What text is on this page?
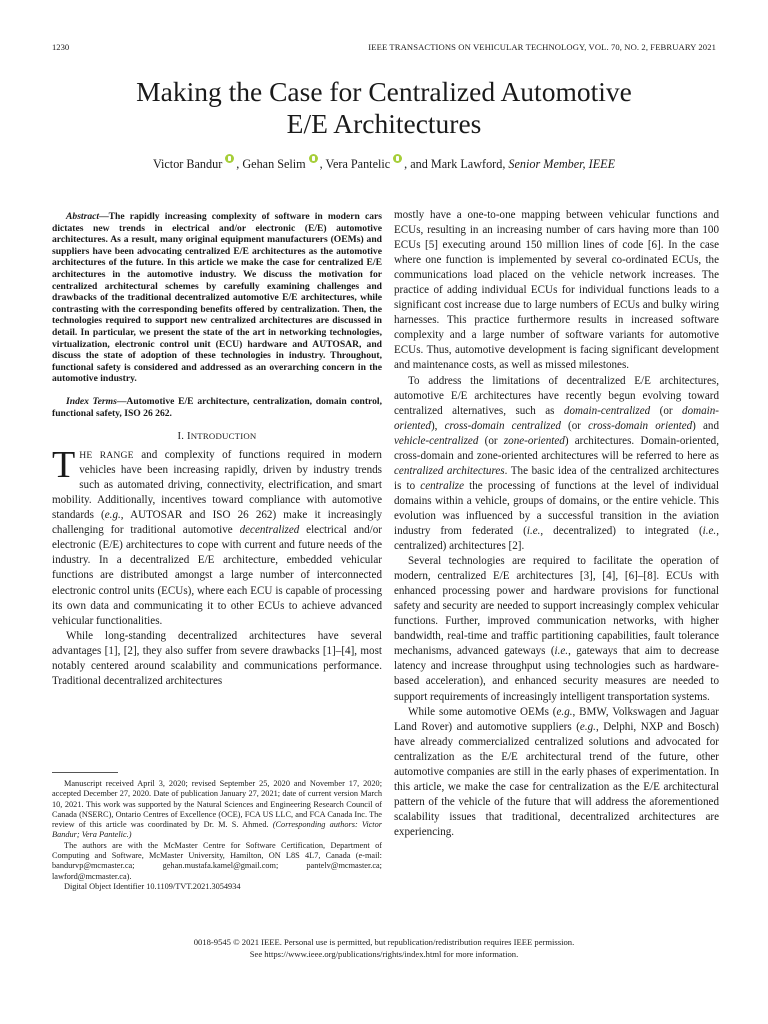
1230	IEEE TRANSACTIONS ON VEHICULAR TECHNOLOGY, VOL. 70, NO. 2, FEBRUARY 2021
Making the Case for Centralized Automotive
E/E Architectures
Victor Bandur , Gehan Selim , Vera Pantelic , and Mark Lawford, Senior Member, IEEE

Abstract—The rapidly increasing complexity of software in modern cars dictates new trends in electrical and/or electronic (E/E) automotive architectures. As a result, many original equipment manufacturers (OEMs) and suppliers have been advocating centralized E/E architectures as the automotive architectures of the future. In this article we make the case for centralized E/E architectures in the automotive industry. We discuss the motivation for centralized architectural schemes by carefully examining challenges and drawbacks of the traditional decentralized automotive E/E architectures, while contrasting with the corresponding benefits offered by centralization. Then, the technologies required to support new centralized architectures are discussed in detail. In particular, we present the state of the art in networking technologies, virtualization, electronic control unit (ECU) hardware and AUTOSAR, and discuss the state of adoption of these technologies in industry. Throughout, functional safety is considered and addressed as an overarching concern in the automotive industry.

Index Terms—Automotive E/E architecture, centralization, domain control, functional safety, ISO 26 262.

I. INTRODUCTION

T HE RANGE and complexity of functions required in modern vehicles have been increasing rapidly, driven by industry trends such as automated driving, connectivity, electrification, and smart mobility. Additionally, incentives toward compliance with automotive standards (e.g., AUTOSAR and ISO 26 262) make it increasingly challenging for traditional automotive decentralized electrical and/or electronic (E/E) architectures to cope with current and future needs of the industry. In a decentralized E/E architecture, embedded vehicular functions are distributed amongst a large number of interconnected electronic control units (ECUs), where each ECU is capable of processing its own data and communicating it to other ECUs to achieve advanced vehicular functionalities.

While long-standing decentralized architectures have several advantages [1], [2], they also suffer from severe drawbacks [1]–[4], most notably centered around scalability and communications performance. Traditional decentralized architectures

Manuscript received April 3, 2020; revised September 25, 2020 and November 17, 2020; accepted December 27, 2020. Date of publication January 27, 2021; date of current version March 10, 2021. This work was supported by the Natural Sciences and Engineering Research Council of Canada (NSERC), Ontario Centres of Excellence (OCE), FCA US LLC, and FCA Canada Inc. The review of this article was coordinated by Dr. M. S. Ahmed. (Corresponding authors: Victor Bandur; Vera Pantelic.)

The authors are with the McMaster Centre for Software Certification, Department of Computing and Software, McMaster University, Hamilton, ON L8S 4L7, Canada (e-mail: bandurvp@mcmaster.ca; gehan.mustafa.kamel@gmail.com; pantelv@mcmaster.ca; lawford@mcmaster.ca).

Digital Object Identifier 10.1109/TVT.2021.3054934

mostly have a one-to-one mapping between vehicular functions and ECUs, resulting in an increasing number of cars having more than 100 ECUs [5] executing around 150 million lines of code [6]. In the case where one function is implemented by several co-ordinated ECUs, the communications load placed on the vehicle network increases. The practice of adding individual ECUs for individual functions leads to a significant cost increase due to large numbers of ECUs and bulky wiring harnesses. This practice furthermore results in increased software complexity and a large number of software variants for automotive ECUs. Thus, automotive development is facing significant development and maintenance costs, as well as missed milestones.

To address the limitations of decentralized E/E architectures, automotive E/E architectures have recently begun evolving toward centralized alternatives, such as domain-centralized (or domain-oriented), cross-domain centralized (or cross-domain oriented) and vehicle-centralized (or zone-oriented) architectures. Domain-oriented, cross-domain and zone-oriented architectures will be referred to here as centralized architectures. The basic idea of the centralized architectures is to centralize the processing of functions at the level of individual domains within a vehicle, groups of domains, or the entire vehicle. This evolution was influenced by a successful transition in the aviation industry from federated (i.e., decentralized) to integrated (i.e., centralized) architectures [2].

Several technologies are required to facilitate the operation of modern, centralized E/E architectures [3], [4], [6]–[8]. ECUs with enhanced processing power and hardware provisions for functional safety and security are needed to support increasingly complex vehicular functions. Further, improved communication networks, with higher bandwidth, real-time and traffic partitioning capabilities, fault tolerance mechanisms, advanced gateways (i.e., gateways that aim to decrease latency and increase throughput using technologies such as hardware-based acceleration), and enhanced security measures are needed to support requirements of increasingly intelligent transportation systems.

While some automotive OEMs (e.g., BMW, Volkswagen and Jaguar Land Rover) and automotive suppliers (e.g., Delphi, NXP and Bosch) have already commercialized centralized solutions and advocated for centralization as the E/E architectural trend of the future, other automotive companies are still in the early phases of experimentation. In this article, we make the case for centralization as the E/E architectural pattern of the vehicle of the future that will address the aforementioned scalability issues that traditional, decentralized architectures are experiencing.

0018-9545 © 2021 IEEE. Personal use is permitted, but republication/redistribution requires IEEE permission.
See https://www.ieee.org/publications/rights/index.html for more information.
